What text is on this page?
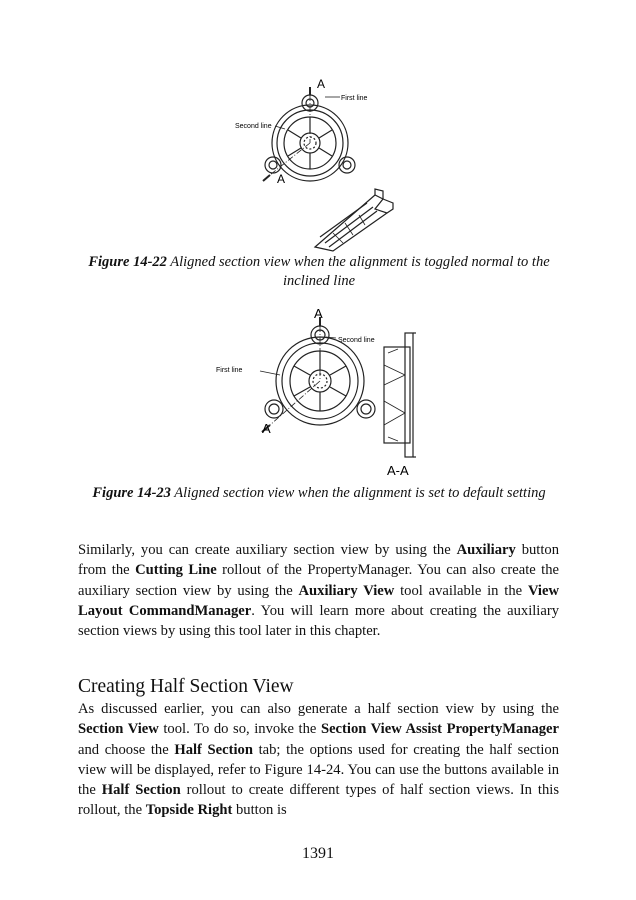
A
First line
Second line
A
Figure 14-22 Aligned section view when the alignment is toggled normal to the inclined line
A
Second line
First line
A
A-A
Figure 14-23 Aligned section view when the alignment is set to default setting

Similarly, you can create auxiliary section view by using the Auxiliary button from the Cutting Line rollout of the PropertyManager. You can also create the auxiliary section view by using the Auxiliary View tool available in the View Layout CommandManager. You will learn more about creating the auxiliary section views by using this tool later in this chapter.

Creating Half Section View

As discussed earlier, you can also generate a half section view by using the Section View tool. To do so, invoke the Section View Assist PropertyManager and choose the Half Section tab; the options used for creating the half section view will be displayed, refer to Figure 14-24. You can use the buttons available in the Half Section rollout to create different types of half section views. In this rollout, the Topside Right button is

1391
